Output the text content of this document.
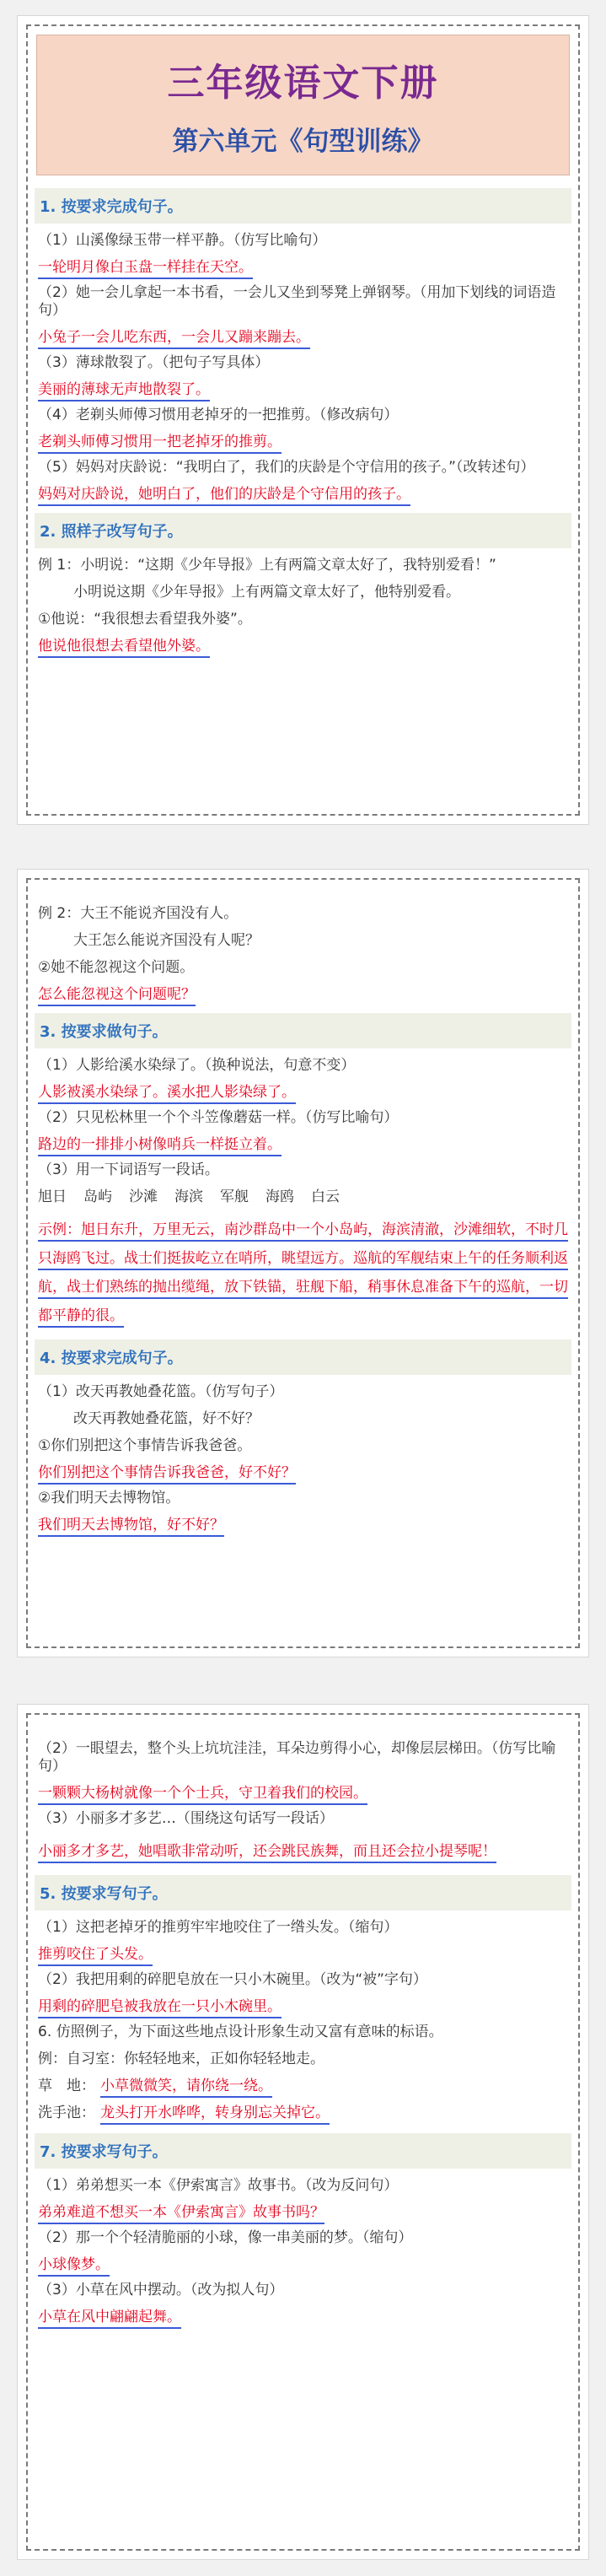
三年级语文下册
第六单元《句型训练》
1. 按要求完成句子。

（1）山溪像绿玉带一样平静。（仿写比喻句）

一轮明月像白玉盘一样挂在天空。

（2）她一会儿拿起一本书看，一会儿又坐到琴凳上弹钢琴。（用加下划线的词语造句）

小兔子一会儿吃东西，一会儿又蹦来蹦去。

（3）薄球散裂了。（把句子写具体）

美丽的薄球无声地散裂了。

（4）老剃头师傅习惯用老掉牙的一把推剪。（修改病句）

老剃头师傅习惯用一把老掉牙的推剪。

（5）妈妈对庆龄说：“我明白了，我们的庆龄是个守信用的孩子。”（改转述句）

妈妈对庆龄说，她明白了，他们的庆龄是个守信用的孩子。

2. 照样子改写句子。

例 1：小明说：“这期《少年导报》上有两篇文章太好了，我特别爱看！”

小明说这期《少年导报》上有两篇文章太好了，他特别爱看。

①他说：“我很想去看望我外婆”。

他说他很想去看望他外婆。

例 2：大王不能说齐国没有人。

大王怎么能说齐国没有人呢？

②她不能忽视这个问题。

怎么能忽视这个问题呢？

3. 按要求做句子。

（1）人影给溪水染绿了。（换种说法，句意不变）

人影被溪水染绿了。溪水把人影染绿了。

（2）只见松林里一个个斗笠像蘑菇一样。（仿写比喻句）

路边的一排排小树像哨兵一样挺立着。

（3）用一下词语写一段话。

旭日 岛屿 沙滩 海滨 军舰 海鸥 白云

示例：旭日东升，万里无云，南沙群岛中一个小岛屿，海滨清澈，沙滩细软，不时几只海鸥飞过。战士们挺拔屹立在哨所，眺望远方。巡航的军舰结束上午的任务顺利返航，战士们熟练的抛出缆绳，放下铁锚，驻舰下船，稍事休息准备下午的巡航，一切都平静的很。

4. 按要求完成句子。

（1）改天再教她叠花篮。（仿写句子）

改天再教她叠花篮，好不好？

①你们别把这个事情告诉我爸爸。

你们别把这个事情告诉我爸爸，好不好？

②我们明天去博物馆。

我们明天去博物馆，好不好？

（2）一眼望去，整个头上坑坑洼洼，耳朵边剪得小心，却像层层梯田。（仿写比喻句）

一颗颗大杨树就像一个个士兵，守卫着我们的校园。

（3）小丽多才多艺…（围绕这句话写一段话）

小丽多才多艺，她唱歌非常动听，还会跳民族舞，而且还会拉小提琴呢！

5. 按要求写句子。

（1）这把老掉牙的推剪牢牢地咬住了一绺头发。（缩句）

推剪咬住了头发。

（2）我把用剩的碎肥皂放在一只小木碗里。（改为“被”字句）

用剩的碎肥皂被我放在一只小木碗里。

6. 仿照例子，为下面这些地点设计形象生动又富有意味的标语。

例：自习室：你轻轻地来，正如你轻轻地走。

草　地： 小草微微笑，请你绕一绕。

洗手池： 龙头打开水哗哗，转身别忘关掉它。

7. 按要求写句子。

（1）弟弟想买一本《伊索寓言》故事书。（改为反问句）

弟弟难道不想买一本《伊索寓言》故事书吗？

（2）那一个个轻清脆丽的小球，像一串美丽的梦。（缩句）

小球像梦。

（3）小草在风中摆动。（改为拟人句）

小草在风中翩翩起舞。
